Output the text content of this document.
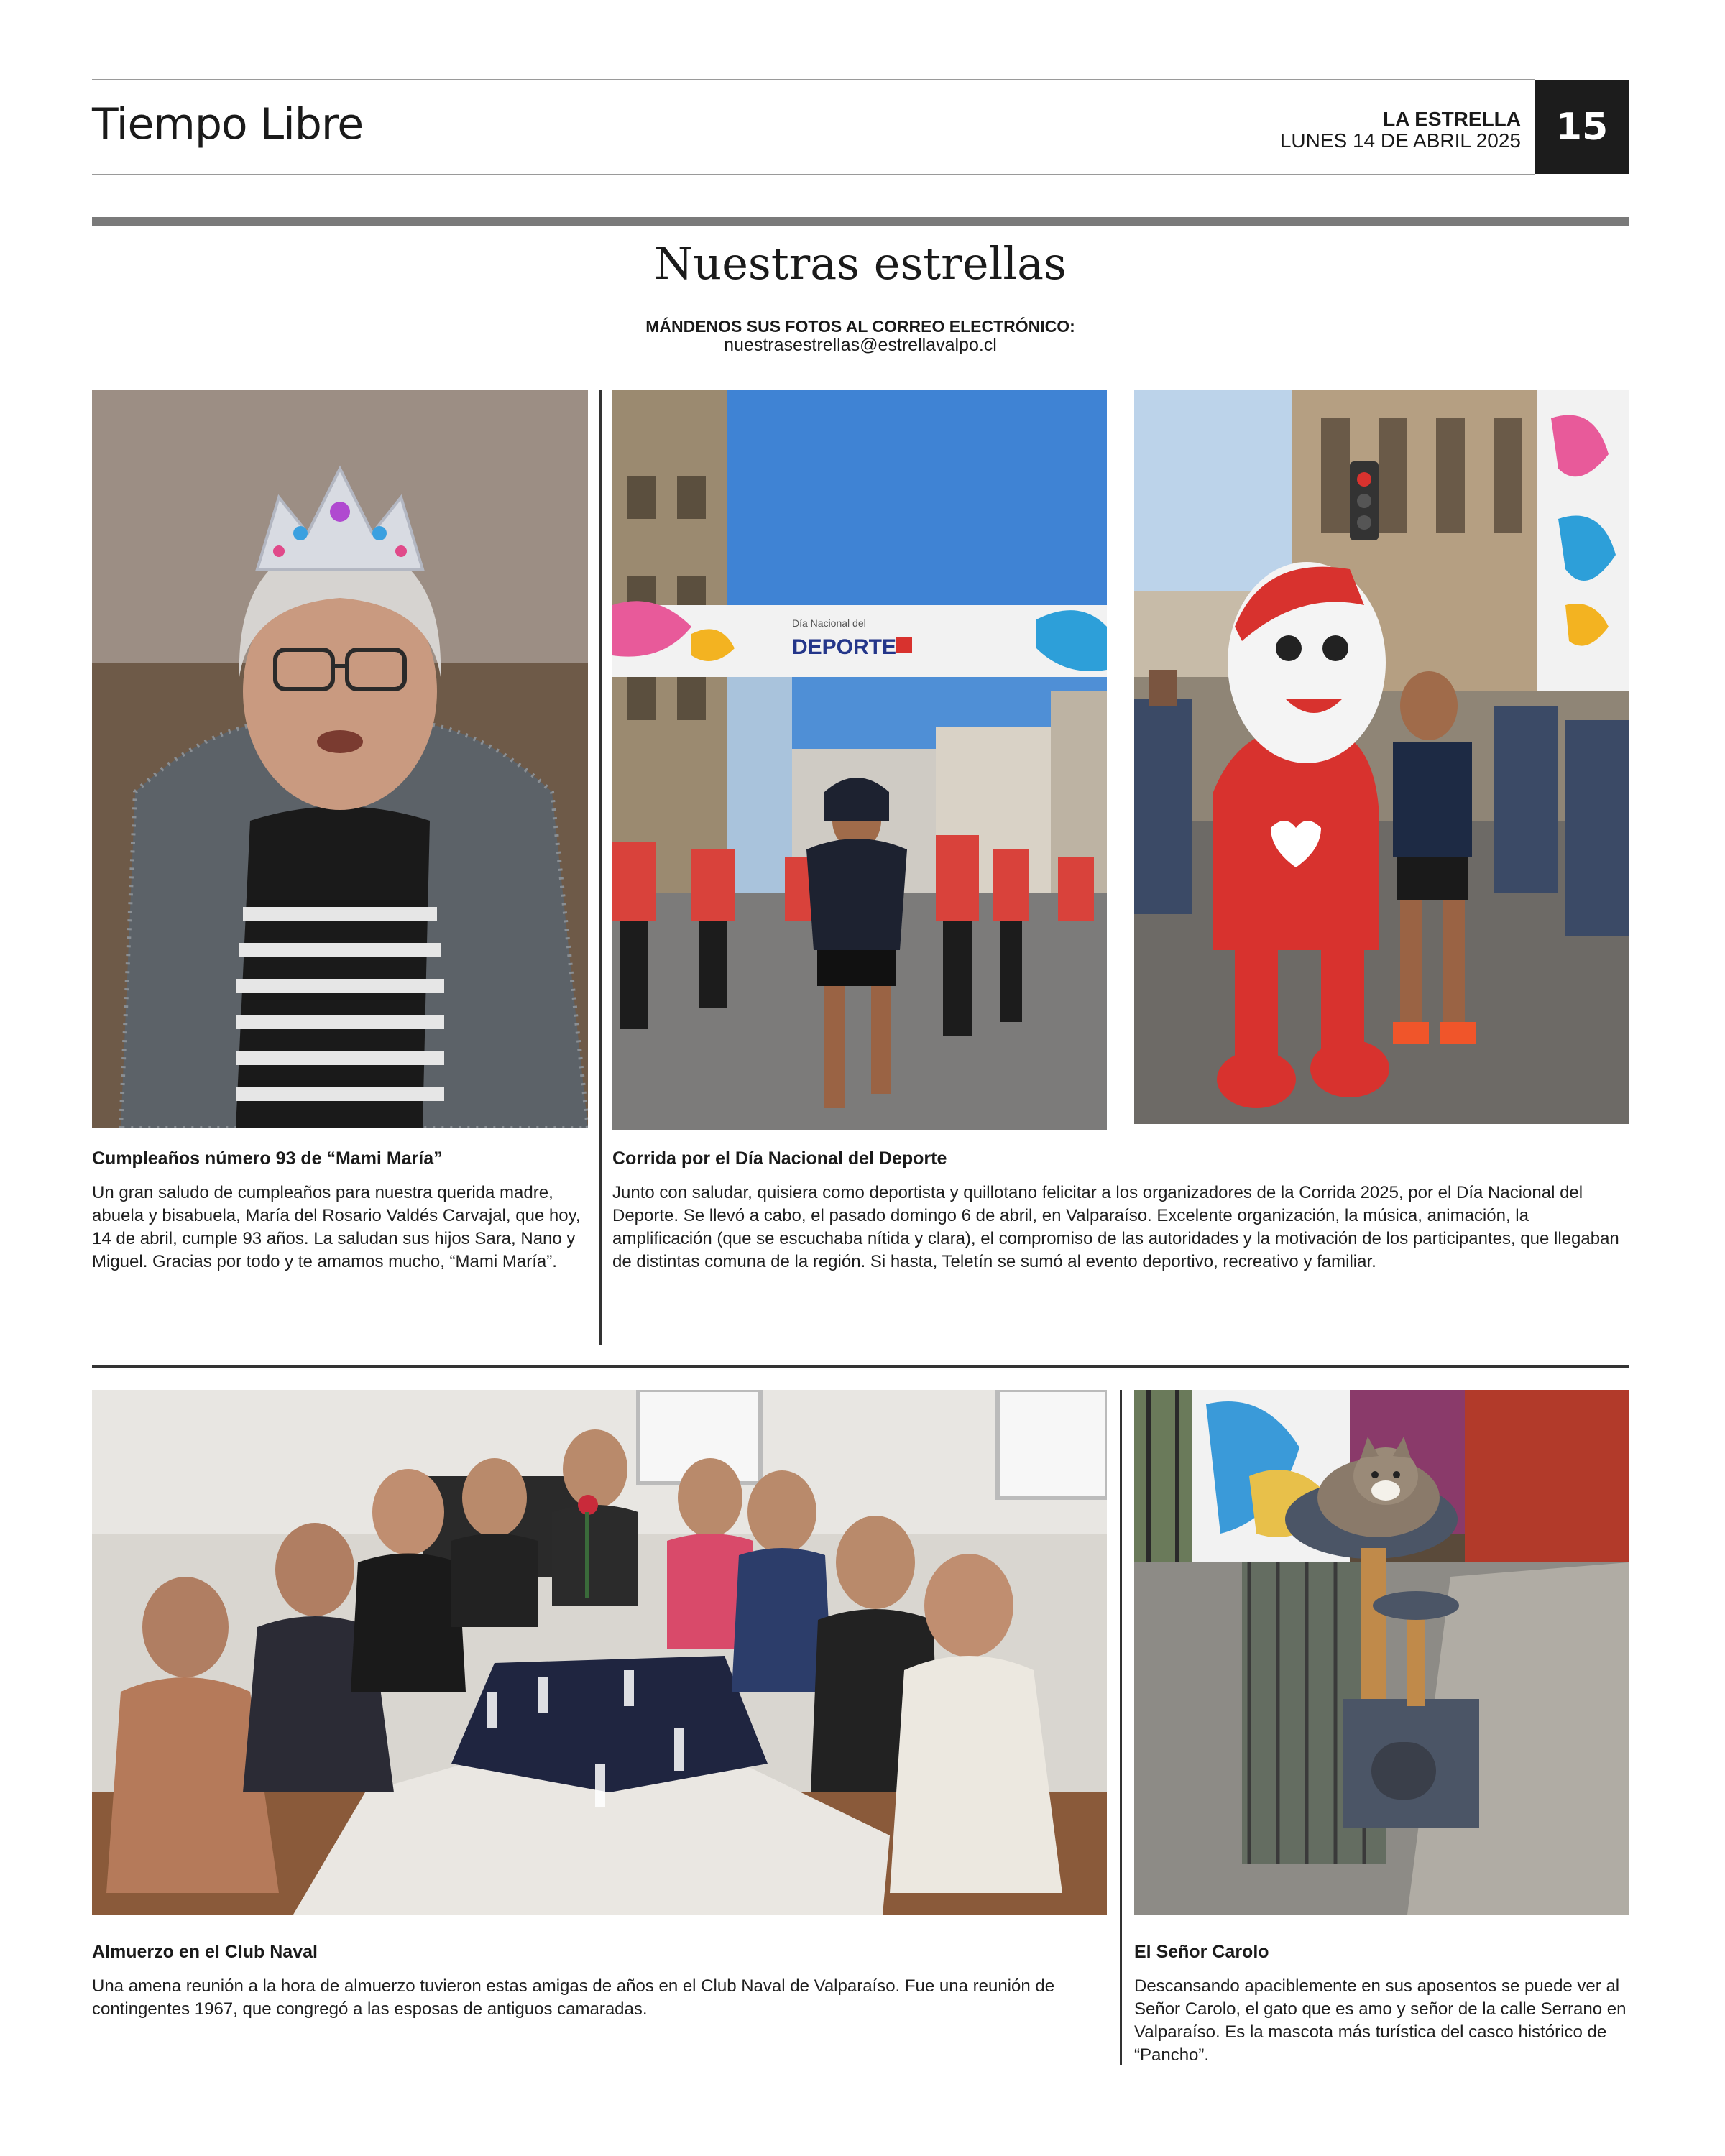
Tiempo Libre	LA ESTRELLA
LUNES 14 DE ABRIL 2025 15
Nuestras estrellas
MÁNDENOS SUS FOTOS AL CORREO ELECTRÓNICO:
nuestrasestrellas@estrellavalpo.cl
Día Nacional del
DEPORTE
Cumpleaños número 93 de “Mami María”
Un gran saludo de cumpleaños para nuestra querida madre, abuela y bisabuela, María del Rosario Valdés Carvajal, que hoy, 14 de abril, cumple 93 años. La saludan sus hijos Sara, Nano y Miguel. Gracias por todo y te amamos mucho, “Mami María”.
Corrida por el Día Nacional del Deporte
Junto con saludar, quisiera como deportista y quillotano felicitar a los organizadores de la Corrida 2025, por el Día Nacional del Deporte. Se llevó a cabo, el pasado domingo 6 de abril, en Valparaíso. Excelente organización, la música, animación, la amplificación (que se escuchaba nítida y clara), el compromiso de las autoridades y la motivación de los participantes, que llegaban de distintas comuna de la región. Si hasta, Teletín se sumó al evento deportivo, recreativo y familiar.
Almuerzo en el Club Naval
Una amena reunión a la hora de almuerzo tuvieron estas amigas de años en el Club Naval de Valparaíso. Fue una reunión de contingentes 1967, que congregó a las esposas de antiguos camaradas.
El Señor Carolo
Descansando apaciblemente en sus aposentos se puede ver al Señor Carolo, el gato que es amo y señor de la calle Serrano en Valparaíso. Es la mascota más turística del casco histórico de “Pancho”.
